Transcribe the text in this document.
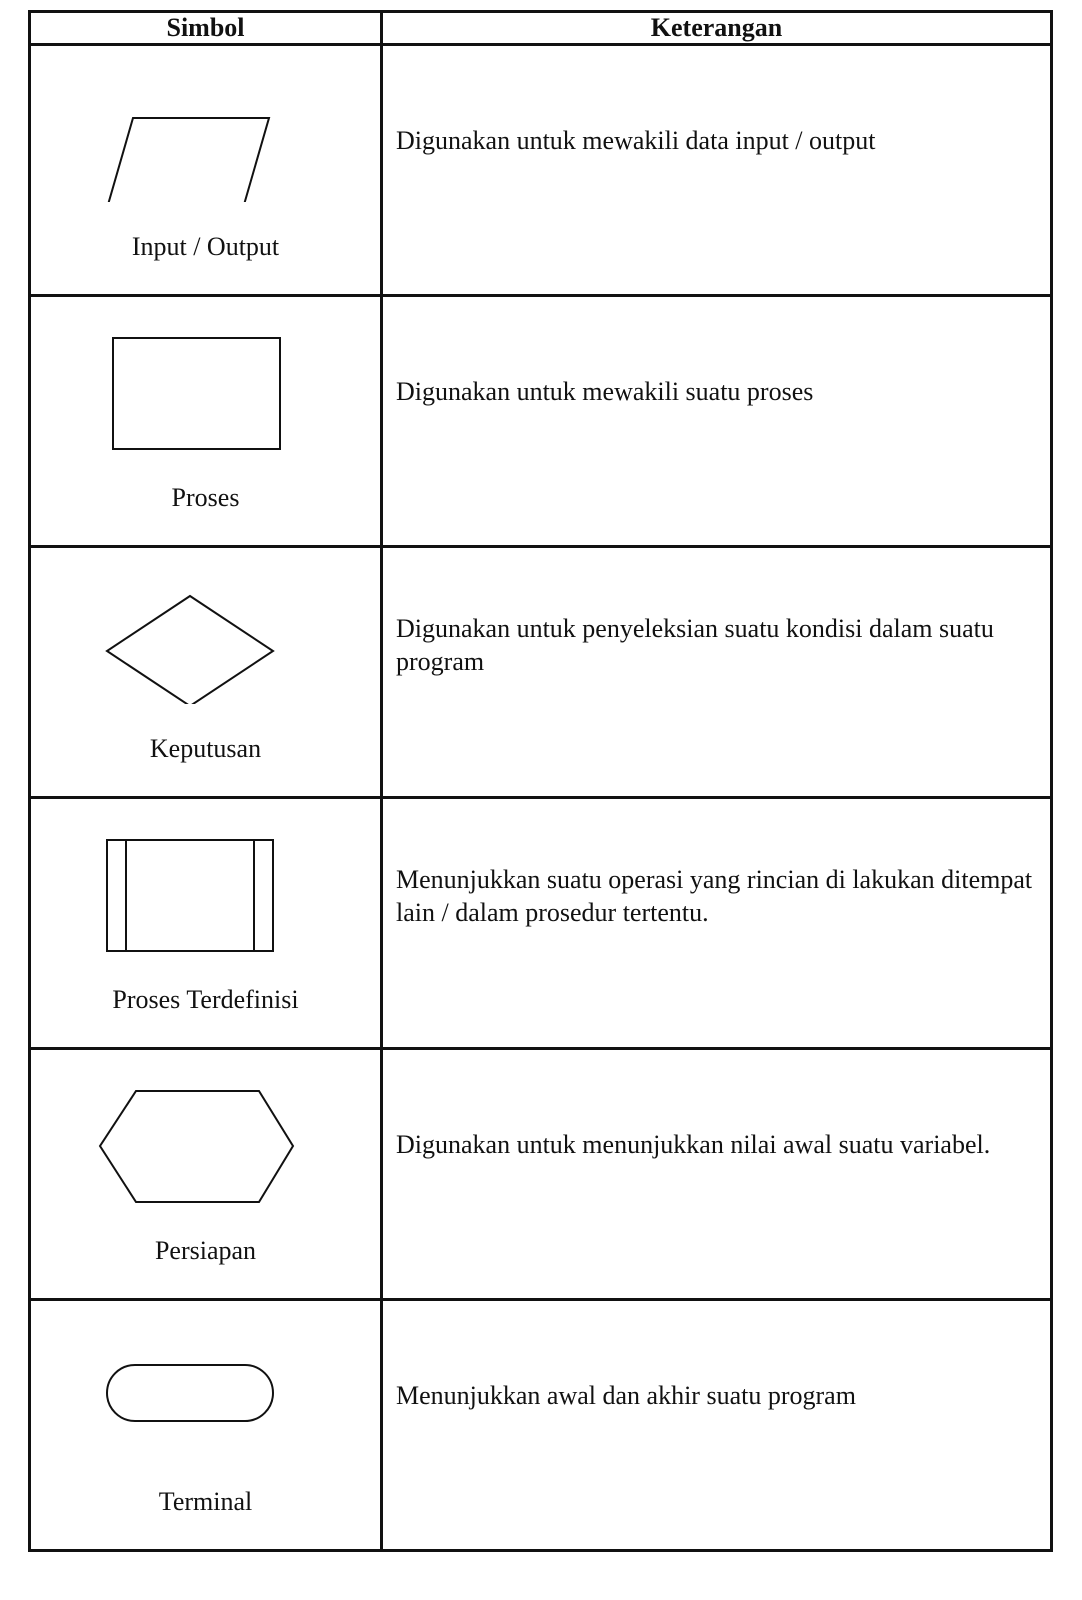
Simbol	Keterangan

Input / Output	Digunakan untuk mewakili data input / output

Proses	Digunakan untuk mewakili suatu proses

Keputusan	Digunakan untuk penyeleksian suatu kondisi dalam suatu program

Proses Terdefinisi	Menunjukkan suatu operasi yang rincian di lakukan ditempat lain / dalam prosedur tertentu.

Persiapan	Digunakan untuk menunjukkan nilai awal suatu variabel.

Terminal	Menunjukkan awal dan akhir suatu program
